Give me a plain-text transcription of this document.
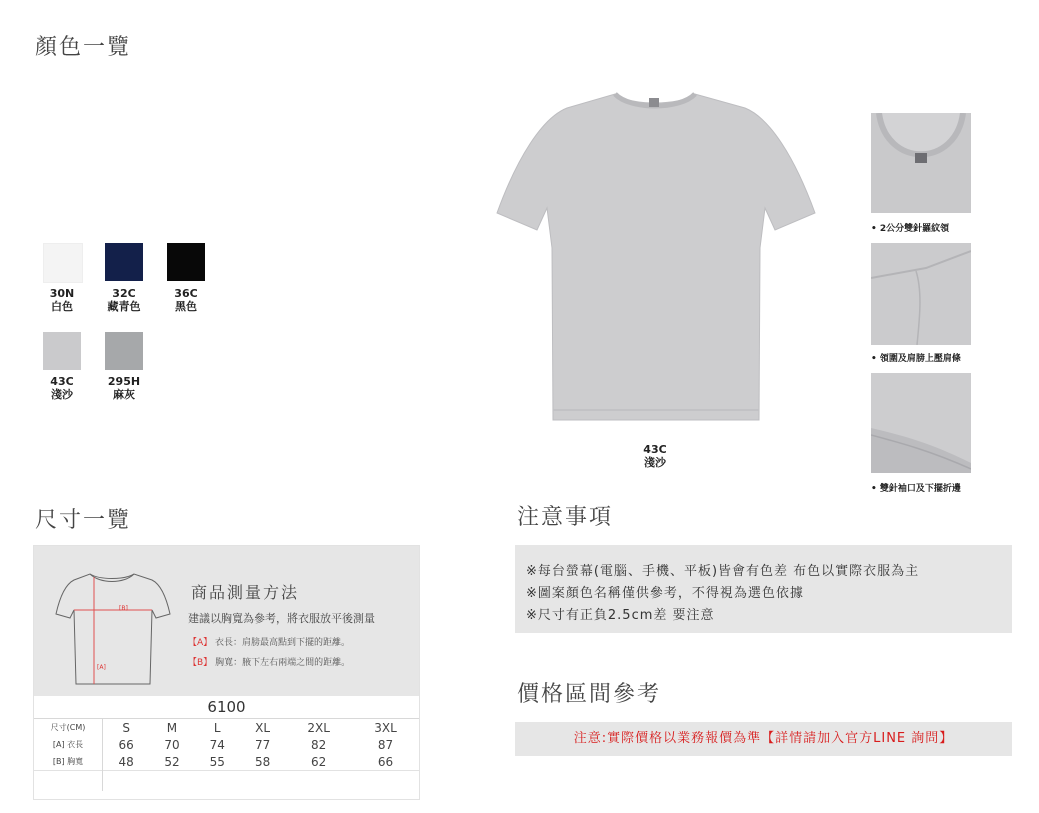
顏色一覽
30N
白色
32C
藏青色
36C
黑色
43C
淺沙
295H
麻灰
43C
淺沙
• 2公分雙針羅紋領
• 領圍及肩膀上壓肩條
• 雙針袖口及下擺折邊
尺寸一覽
[B]
[A]
商品測量方法
建議以胸寬為參考，將衣服放平後測量
【A】 衣長：肩膀最高點到下擺的距離。
【B】 胸寬：腋下左右兩端之間的距離。
6100
尺寸(CM)	S	M	L	XL	2XL	3XL
[A] 衣長	66	70	74	77	82	87
[B] 胸寬	48	52	55	58	62	66

注意事項
※每台螢幕(電腦、手機、平板)皆會有色差 布色以實際衣服為主
※圖案顏色名稱僅供參考，不得視為選色依據
※尺寸有正負2.5cm差 要注意
價格區間參考
注意:實際價格以業務報價為準【詳情請加入官方LINE 詢問】
